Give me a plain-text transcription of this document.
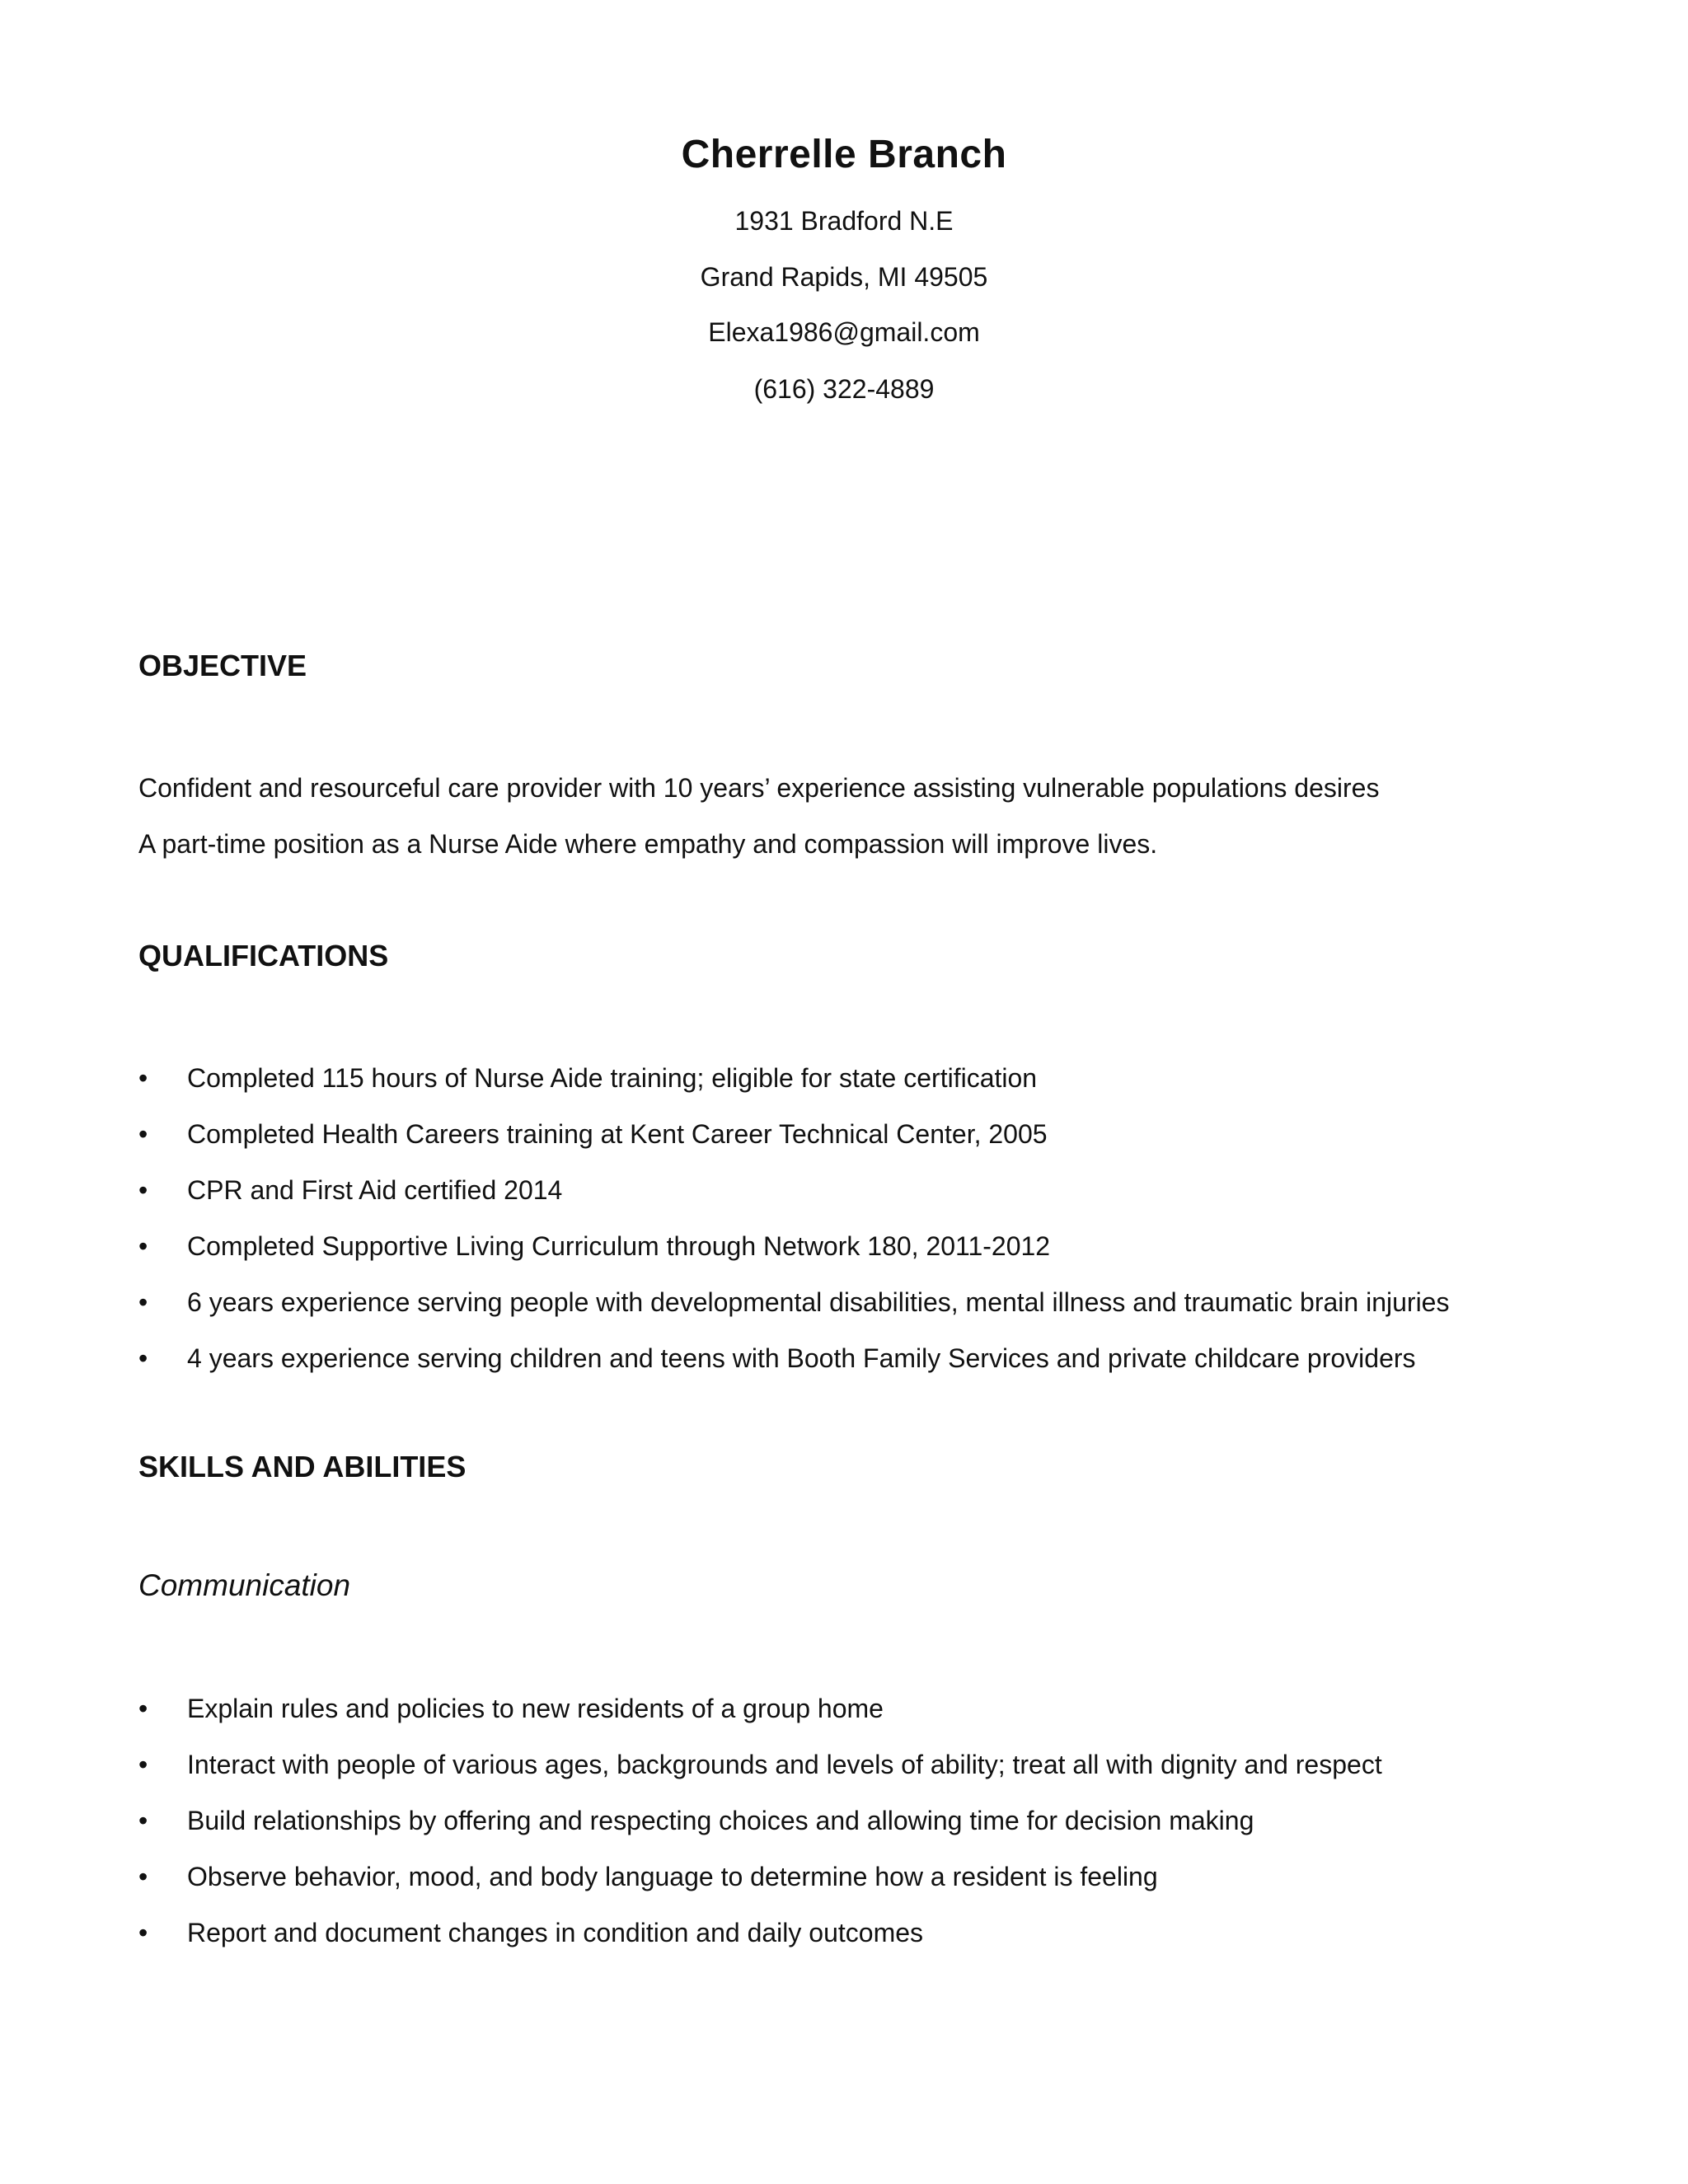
Cherrelle Branch
1931 Bradford N.E
Grand Rapids, MI 49505
Elexa1986@gmail.com
(616) 322-4889
OBJECTIVE
Confident and resourceful care provider with 10 years’ experience assisting vulnerable populations desires
A part-time position as a Nurse Aide where empathy and compassion will improve lives.
QUALIFICATIONS
•	Completed 115 hours of Nurse Aide training; eligible for state certification
•	Completed Health Careers training at Kent Career Technical Center, 2005
•	CPR and First Aid certified 2014
•	Completed Supportive Living Curriculum through Network 180, 2011-2012
•	6 years experience serving people with developmental disabilities, mental illness and traumatic brain injuries
•	4 years experience serving children and teens with Booth Family Services and private childcare providers
SKILLS AND ABILITIES
Communication
•	Explain rules and policies to new residents of a group home
•	Interact with people of various ages, backgrounds and levels of ability; treat all with dignity and respect
•	Build relationships by offering and respecting choices and allowing time for decision making
•	Observe behavior, mood, and body language to determine how a resident is feeling
•	Report and document changes in condition and daily outcomes
